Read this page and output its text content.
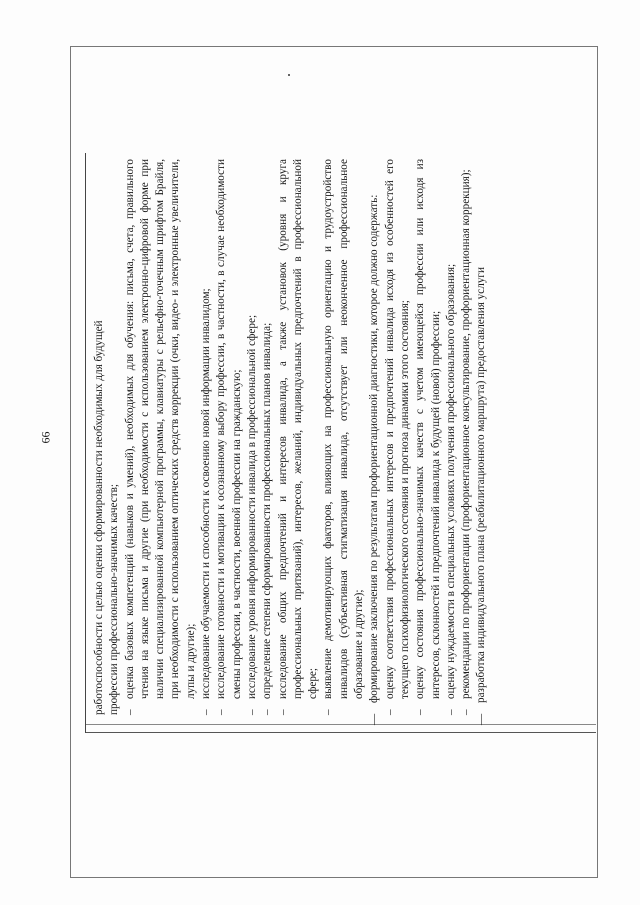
66	работоспособности с целью оценки сформированности необходимых для будущей профессии профессионально-значимых качеств; –
оценка базовых компетенций (навыков и умений), необходимых для обучения: письма, счета, правильного чтения на языке письма и другие (при необходимости с использованием электронно-цифровой форме при наличии специализированной компьютерной программы, клавиатуры с рельефно-точечным шрифтом Брайля, при необходимости с использованием оптических средств коррекции (очки, видео- и электронные увеличители, лупы и другие);

–
исследование обучаемости и способности к освоению новой информации инвалидом;

–
исследование готовности и мотивации к осознанному выбору профессии, в частности, в случае необходимости смены профессии, в частности, военной профессии на гражданскую;

–
исследование уровня информированности инвалида в профессиональной сфере;

–
определение степени сформированности профессиональных планов инвалида;

–
исследование общих предпочтений и интересов инвалида, а также установок (уровня и круга профессиональных притязаний), интересов, желаний, индивидуальных предпочтений в профессиональной сфере;

–
выявление демотивирующих факторов, влияющих на профессиональную ориентацию и трудоустройство инвалидов (субъективная стигматизация инвалида, отсутствует или неоконченное профессиональное образование и другие);

—
формирование заключения по результатам профориентационной диагностики, которое должно содержать:

–
оценку соответствия профессиональных интересов и предпочтений инвалида исходя из особенностей его текущего психофизиологического состояния и прогноза динамики этого состояния;

–
оценку состояния профессионально-значимых качеств с учетом имеющейся профессии или исходя из интересов, склонностей и предпочтений инвалида к будущей (новой) профессии;

–
оценку нуждаемости в специальных условиях получения профессионального образования;

–
рекомендации по профориентации (профориентационное консультирование, профориентационная коррекция);

—
разработка индивидуального плана (реабилитационного маршрута) предоставления услуги
